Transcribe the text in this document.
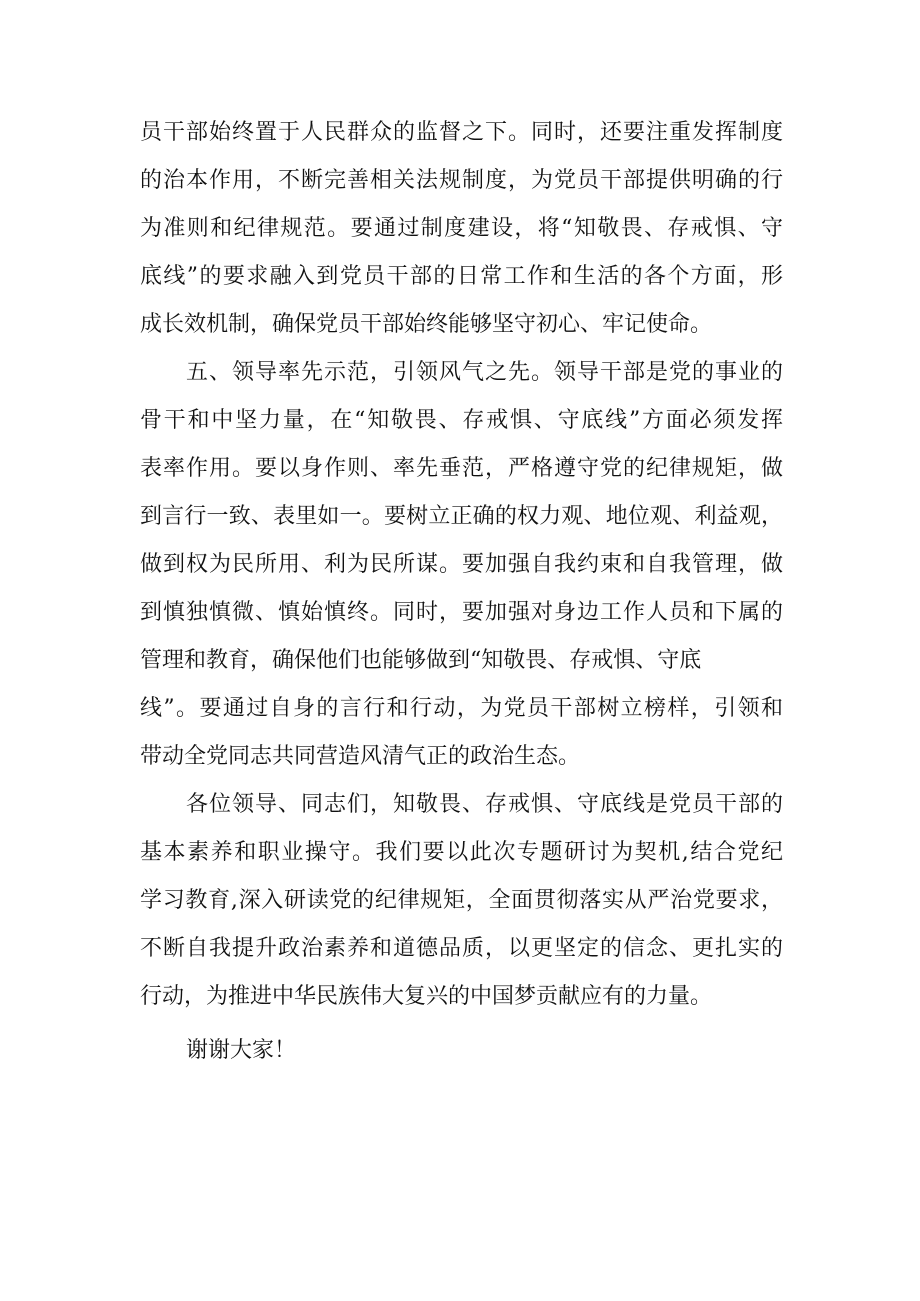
员干部始终置于人民群众的监督之下。同时，还要注重发挥制度
的治本作用，不断完善相关法规制度，为党员干部提供明确的行
为准则和纪律规范。要通过制度建设，将“知敬畏、存戒惧、守
底线”的要求融入到党员干部的日常工作和生活的各个方面，形
成长效机制，确保党员干部始终能够坚守初心、牢记使命。
五、领导率先示范，引领风气之先。领导干部是党的事业的
骨干和中坚力量，在“知敬畏、存戒惧、守底线”方面必须发挥
表率作用。要以身作则、率先垂范，严格遵守党的纪律规矩，做
到言行一致、表里如一。要树立正确的权力观、地位观、利益观，
做到权为民所用、利为民所谋。要加强自我约束和自我管理，做
到慎独慎微、慎始慎终。同时，要加强对身边工作人员和下属的
管理和教育，确保他们也能够做到“知敬畏、存戒惧、守底
线”。要通过自身的言行和行动，为党员干部树立榜样，引领和
带动全党同志共同营造风清气正的政治生态。
各位领导、同志们，知敬畏、存戒惧、守底线是党员干部的
基本素养和职业操守。我们要以此次专题研讨为契机,结合党纪
学习教育,深入研读党的纪律规矩，全面贯彻落实从严治党要求，
不断自我提升政治素养和道德品质，以更坚定的信念、更扎实的
行动，为推进中华民族伟大复兴的中国梦贡献应有的力量。

谢谢大家！
